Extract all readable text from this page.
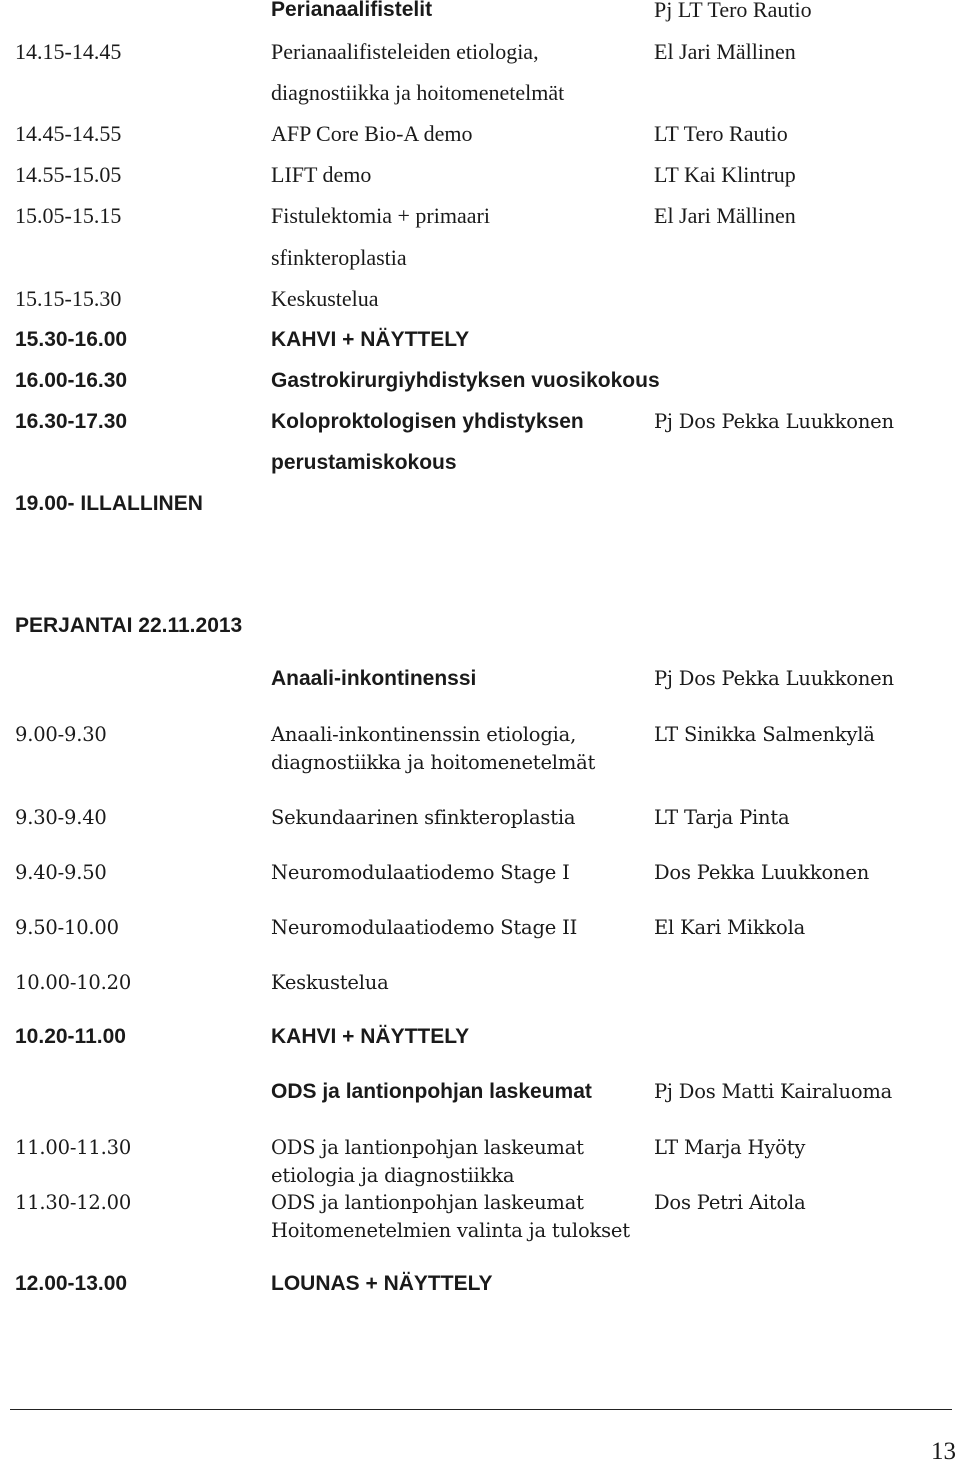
Perianaalifistelit	Pj LT Tero Rautio
14.15-14.45	Perianaalifisteleiden etiologia,	El Jari Mällinen
diagnostiikka ja hoitomenetelmät
14.45-14.55	AFP Core Bio-A demo	LT Tero Rautio
14.55-15.05	LIFT demo	LT Kai Klintrup
15.05-15.15	Fistulektomia + primaari	El Jari Mällinen
sfinkteroplastia
15.15-15.30	Keskustelua
15.30-16.00	KAHVI + NÄYTTELY
16.00-16.30	Gastrokirurgiyhdistyksen vuosikokous
16.30-17.30	Koloproktologisen yhdistyksen	Pj Dos Pekka Luukkonen
perustamiskokous
19.00- ILLALLINEN
PERJANTAI 22.11.2013
Anaali-inkontinenssi	Pj Dos Pekka Luukkonen
9.00-9.30	Anaali-inkontinenssin etiologia,	LT Sinikka Salmenkylä
diagnostiikka ja hoitomenetelmät
9.30-9.40	Sekundaarinen sfinkteroplastia	LT Tarja Pinta
9.40-9.50	Neuromodulaatiodemo Stage I	Dos Pekka Luukkonen
9.50-10.00	Neuromodulaatiodemo Stage II	El Kari Mikkola
10.00-10.20	Keskustelua
10.20-11.00	KAHVI + NÄYTTELY
ODS ja lantionpohjan laskeumat	Pj Dos Matti Kairaluoma
11.00-11.30	ODS ja lantionpohjan laskeumat	LT Marja Hyöty
etiologia ja diagnostiikka
11.30-12.00	ODS ja lantionpohjan laskeumat	Dos Petri Aitola
Hoitomenetelmien valinta ja tulokset
12.00-13.00	LOUNAS + NÄYTTELY
13
